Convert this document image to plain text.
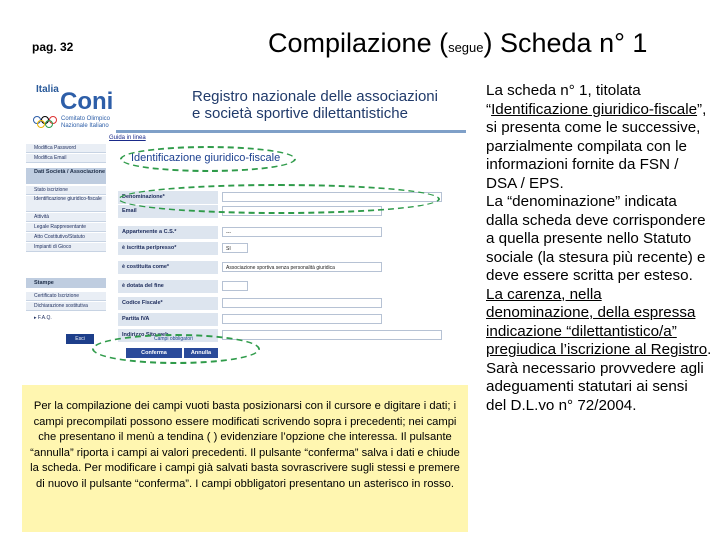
pag. 32	Compilazione (segue) Scheda n° 1
Italia Coni
Comitato Olimpico
Nazionale Italiano
Registro nazionale delle associazioni
e società sportive dilettantistiche
Guida in linea
Modifica Password
Modifica Email
Dati Società / Associazione
Stato iscrizione
Identificazione giuridico-fiscale
Attività
Legale Rappresentante
Atto Costitutivo/Statuto
Impianti di Gioco
Stampe
Certificato Iscrizione
Dichiarazione sostitutiva
▸ F.A.Q.
Esci
Identificazione giuridico-fiscale
Denominazione*
Email
Appartenente a C.S.*	---
è iscritta per/presso*	SI
è costituita come*	Associazione sportiva senza personalità giuridica
è dotata del fine
Codice Fiscale*
Partita IVA
Indirizzo Sito web
Campi obbligatori
Conferma	Annulla
Per la compilazione dei campi vuoti basta posizionarsi con il cursore e digitare i dati; i campi precompilati possono essere modificati scrivendo sopra i precedenti; nei campi che presentano il menù a tendina ( ) evidenziare l’opzione che interessa. Il pulsante “annulla” riporta i campi ai valori precedenti. Il pulsante “conferma” salva i dati e chiude la scheda. Per modificare i campi già salvati basta sovrascrivere sugli stessi e premere di nuovo il pulsante “conferma”. I campi obbligatori presentano un asterisco in rosso.

La scheda n° 1, titolata “Identificazione giuridico-fiscale”, si presenta come le successive, parzialmente compilata con le informazioni fornite da FSN / DSA / EPS.

La “denominazione” indicata dalla scheda deve corrispondere a quella presente nello Statuto sociale (la stesura più recente) e deve essere scritta per esteso.

La carenza, nella denominazione, della espressa indicazione “dilettantistico/a” pregiudica l’iscrizione al Registro. Sarà necessario provvedere agli adeguamenti statutari ai sensi del D.L.vo n° 72/2004.
